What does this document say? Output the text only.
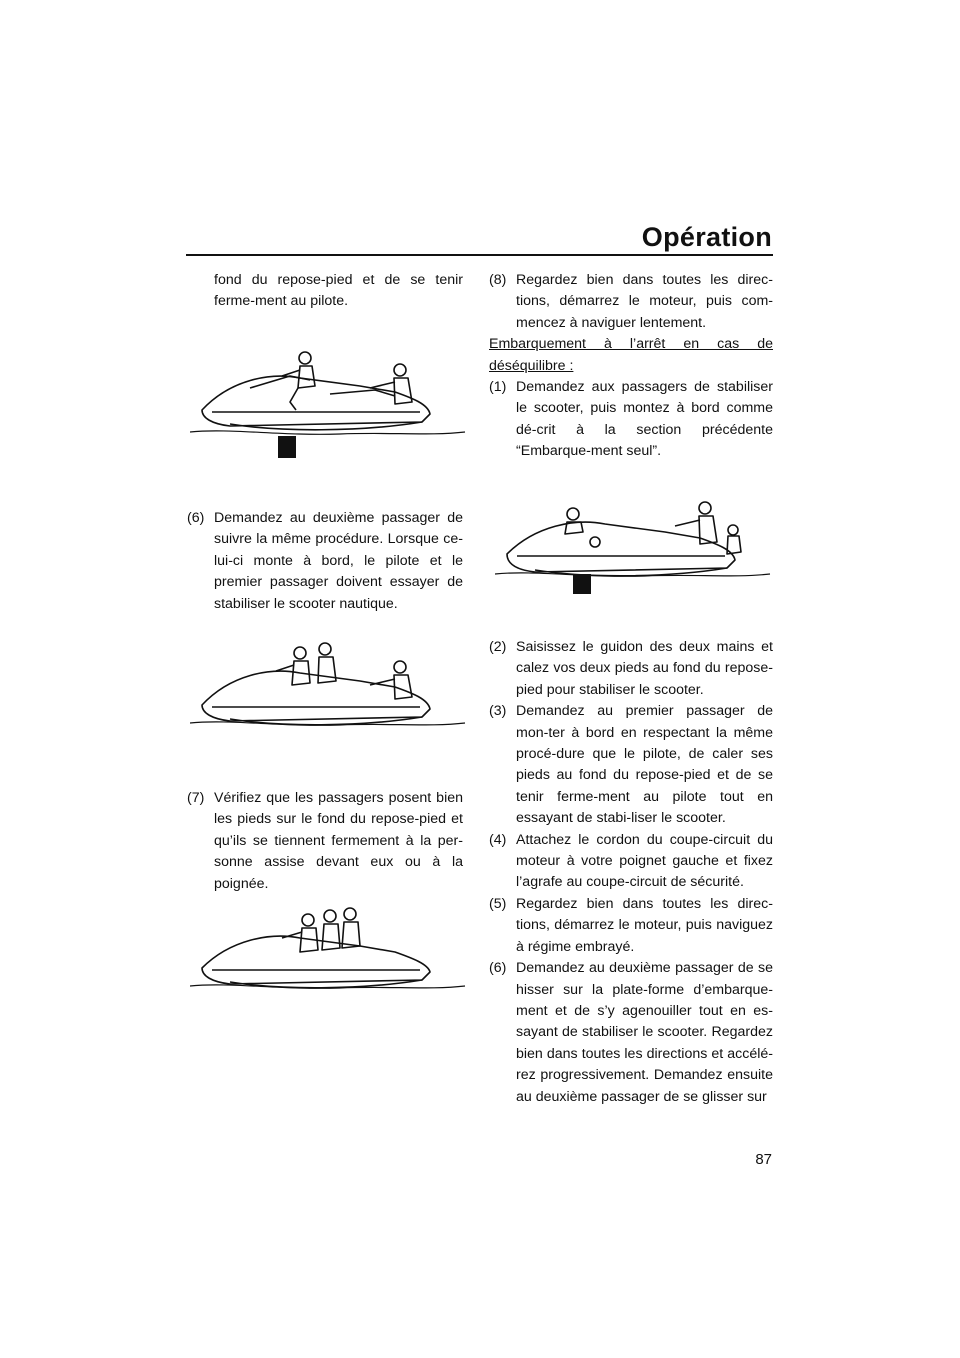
Opération

fond du repose-pied et de se tenir ferme-ment au pilote.

(6) Demandez au deuxième passager de suivre la même procédure. Lorsque ce-lui-ci monte à bord, le pilote et le premier passager doivent essayer de stabiliser le scooter nautique.
(7) Vérifiez que les passagers posent bien les pieds sur le fond du repose-pied et qu’ils se tiennent fermement à la per-sonne assise devant eux ou à la poignée.
(8) Regardez bien dans toutes les direc-tions, démarrez le moteur, puis com-mencez à naviguer lentement.

Embarquement à l’arrêt en cas de

déséquilibre :

(1) Demandez aux passagers de stabiliser le scooter, puis montez à bord comme dé-crit à la section précédente “Embarque-ment seul”.
(2) Saisissez le guidon des deux mains et calez vos deux pieds au fond du repose-pied pour stabiliser le scooter.
(3) Demandez au premier passager de mon-ter à bord en respectant la même procé-dure que le pilote, de caler ses pieds au fond du repose-pied et de se tenir ferme-ment au pilote tout en essayant de stabi-liser le scooter.
(4) Attachez le cordon du coupe-circuit du moteur à votre poignet gauche et fixez l’agrafe au coupe-circuit de sécurité.
(5) Regardez bien dans toutes les direc-tions, démarrez le moteur, puis naviguez à régime embrayé.
(6) Demandez au deuxième passager de se hisser sur la plate-forme d’embarque-ment et de s’y agenouiller tout en es-sayant de stabiliser le scooter. Regardez bien dans toutes les directions et accélé-rez progressivement. Demandez ensuite au deuxième passager de se glisser sur
87
